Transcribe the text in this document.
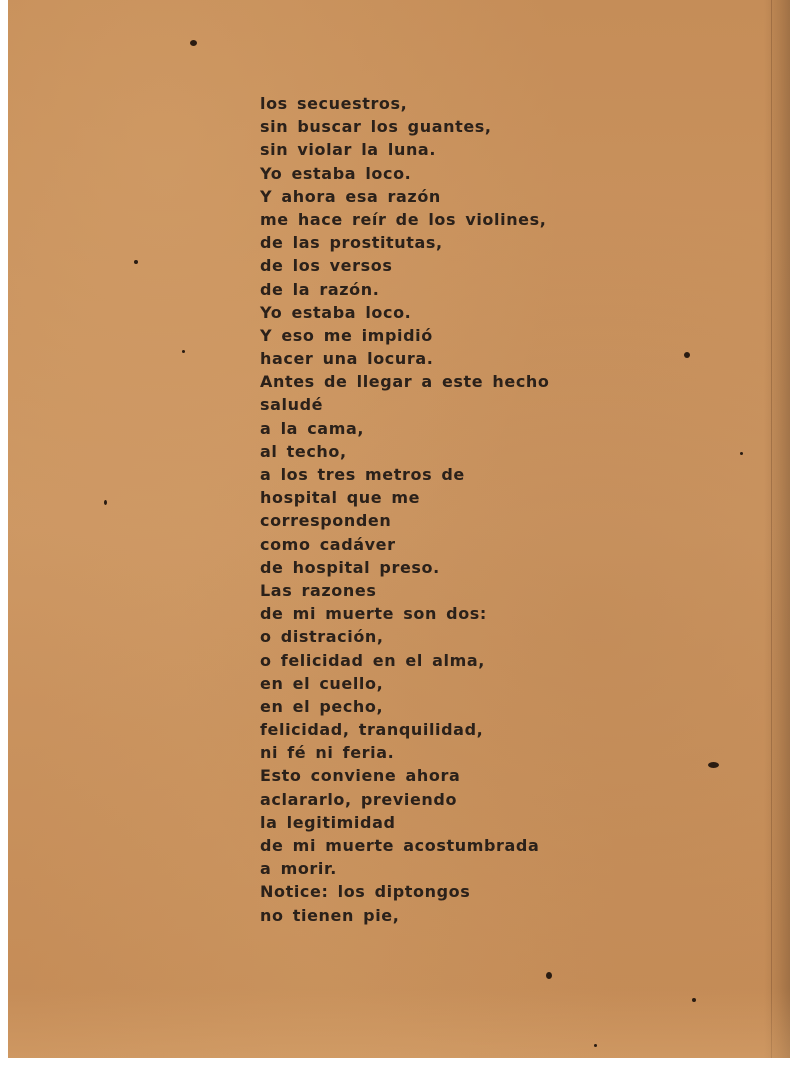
los secuestros,
sin buscar los guantes,
sin violar la luna.
Yo estaba loco.
Y ahora esa razón
me hace reír de los violines,
de las prostitutas,
de los versos
de la razón.
Yo estaba loco.
Y eso me impidió
hacer una locura.
Antes de llegar a este hecho
saludé
a la cama,
al techo,
a los tres metros de
hospital que me
corresponden
como cadáver
de hospital preso.
Las razones
de mi muerte son dos:
o distración,
o felicidad en el alma,
en el cuello,
en el pecho,
felicidad, tranquilidad,
ni fé ni feria.
Esto conviene ahora
aclararlo, previendo
la legitimidad
de mi muerte acostumbrada
a morir.
Notice: los diptongos
no tienen pie,
